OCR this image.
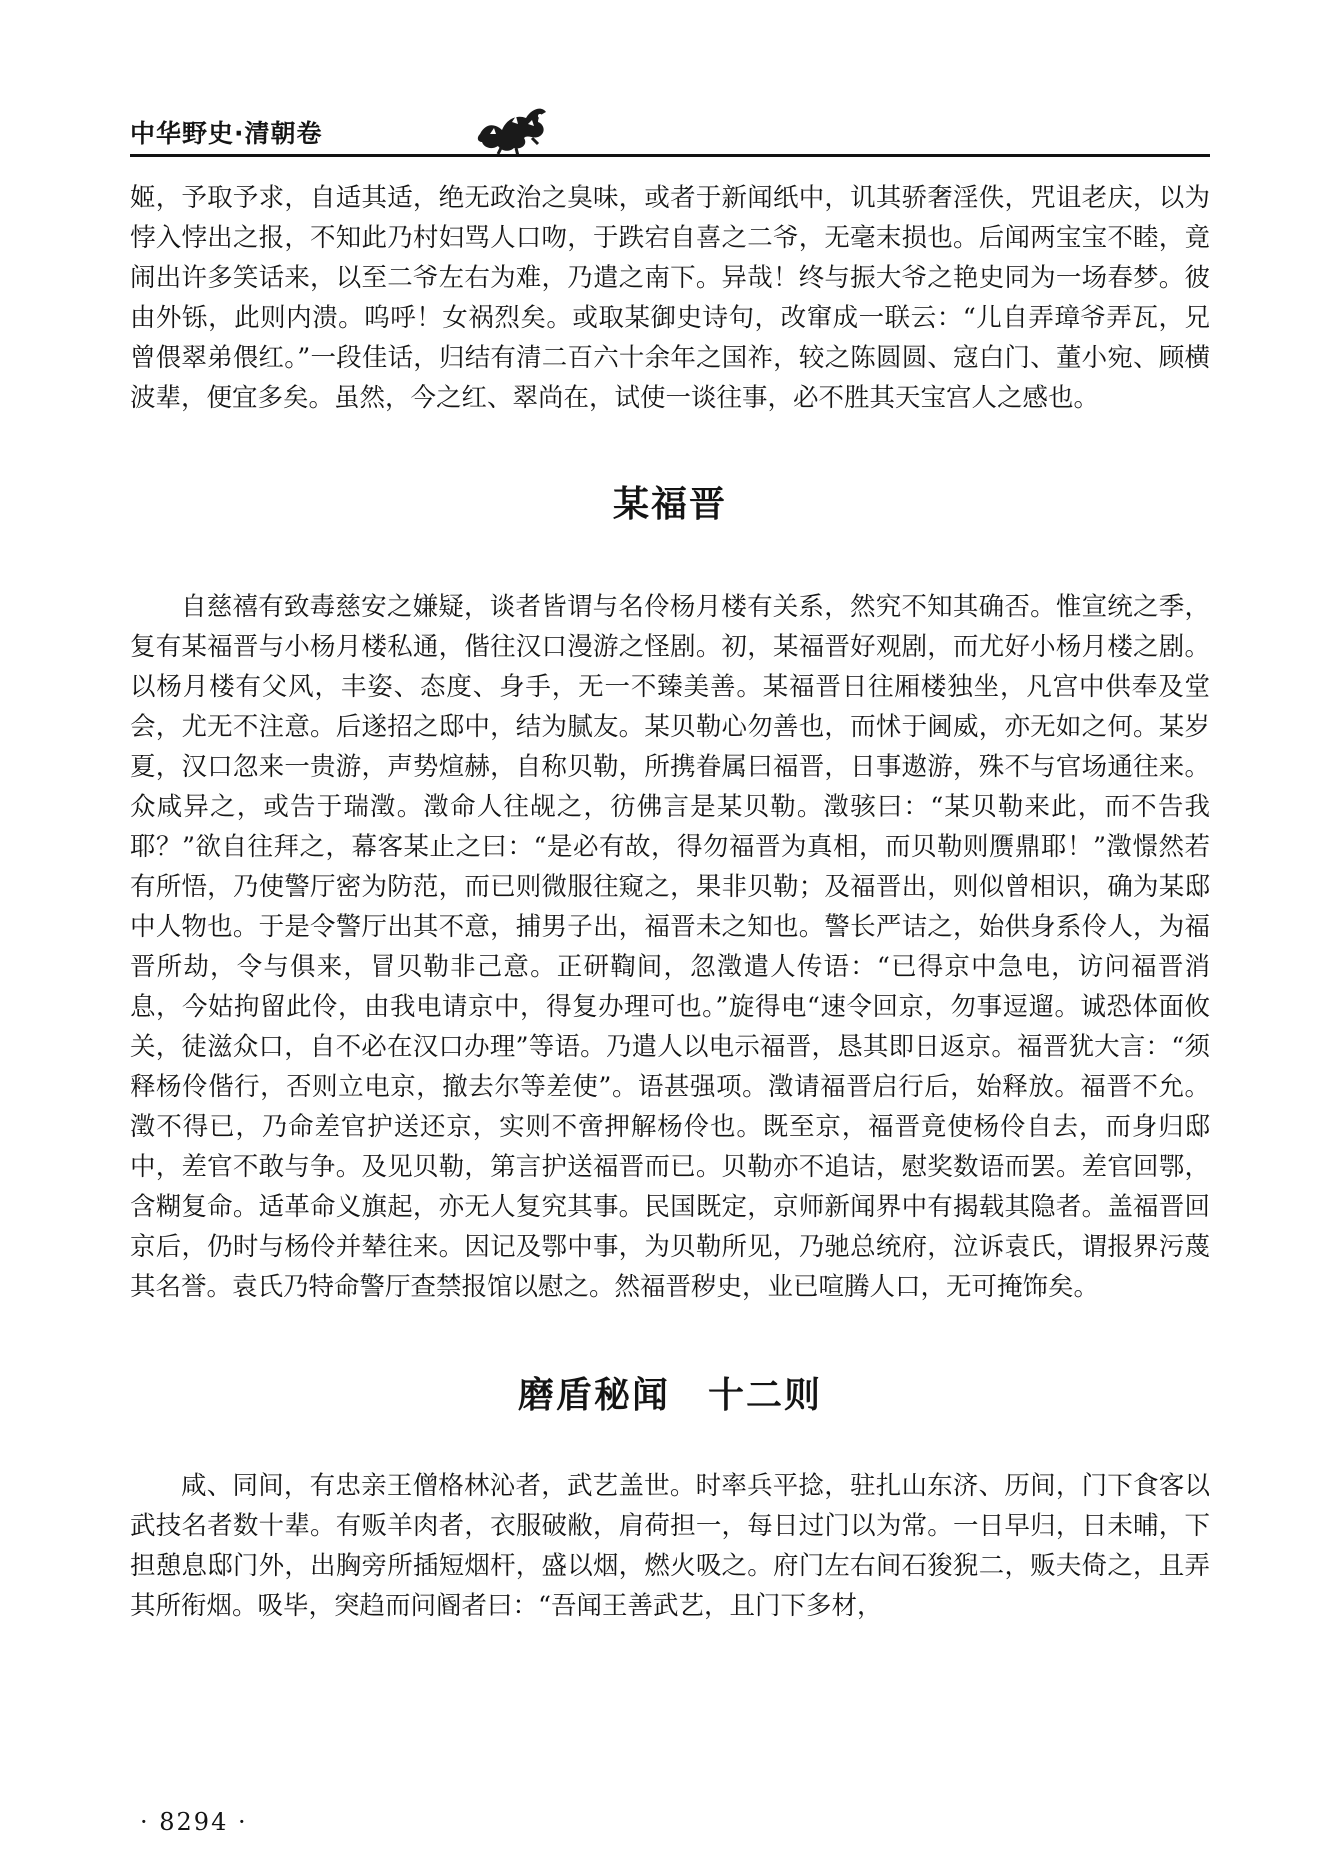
中华野史·清朝卷

姬，予取予求，自适其适，绝无政治之臭味，或者于新闻纸中，讥其骄奢淫佚，咒诅老庆，以为悖入悖出之报，不知此乃村妇骂人口吻，于跌宕自喜之二爷，无毫末损也。后闻两宝宝不睦，竟闹出许多笑话来，以至二爷左右为难，乃遣之南下。异哉！终与振大爷之艳史同为一场春梦。彼由外铄，此则内溃。呜呼！女祸烈矣。或取某御史诗句，改窜成一联云：“儿自弄璋爷弄瓦，兄曾偎翠弟偎红。”一段佳话，归结有清二百六十余年之国祚，较之陈圆圆、寇白门、董小宛、顾横波辈，便宜多矣。虽然，今之红、翠尚在，试使一谈往事，必不胜其天宝宫人之感也。

某福晋

自慈禧有致毒慈安之嫌疑，谈者皆谓与名伶杨月楼有关系，然究不知其确否。惟宣统之季，复有某福晋与小杨月楼私通，偕往汉口漫游之怪剧。初，某福晋好观剧，而尤好小杨月楼之剧。以杨月楼有父风，丰姿、态度、身手，无一不臻美善。某福晋日往厢楼独坐，凡宫中供奉及堂会，尤无不注意。后遂招之邸中，结为腻友。某贝勒心勿善也，而怵于阃威，亦无如之何。某岁夏，汉口忽来一贵游，声势煊赫，自称贝勒，所携眷属曰福晋，日事遨游，殊不与官场通往来。众咸异之，或告于瑞澂。澂命人往觇之，彷佛言是某贝勒。澂骇曰：“某贝勒来此，而不告我耶？”欲自往拜之，幕客某止之曰：“是必有故，得勿福晋为真相，而贝勒则赝鼎耶！”澂憬然若有所悟，乃使警厅密为防范，而已则微服往窥之，果非贝勒；及福晋出，则似曾相识，确为某邸中人物也。于是令警厅出其不意，捕男子出，福晋未之知也。警长严诘之，始供身系伶人，为福晋所劫，令与俱来，冒贝勒非己意。正研鞫间，忽澂遣人传语：“已得京中急电，访问福晋消息，今姑拘留此伶，由我电请京中，得复办理可也。”旋得电“速令回京，勿事逗遛。诚恐体面攸关，徒滋众口，自不必在汉口办理”等语。乃遣人以电示福晋，恳其即日返京。福晋犹大言：“须释杨伶偕行，否则立电京，撤去尔等差使”。语甚强项。澂请福晋启行后，始释放。福晋不允。澂不得已，乃命差官护送还京，实则不啻押解杨伶也。既至京，福晋竟使杨伶自去，而身归邸中，差官不敢与争。及见贝勒，第言护送福晋而已。贝勒亦不追诘，慰奖数语而罢。差官回鄂，含糊复命。适革命义旗起，亦无人复究其事。民国既定，京师新闻界中有揭载其隐者。盖福晋回京后，仍时与杨伶并辇往来。因记及鄂中事，为贝勒所见，乃驰总统府，泣诉袁氏，谓报界污蔑其名誉。袁氏乃特命警厅查禁报馆以慰之。然福晋秽史，业已喧腾人口，无可掩饰矣。

磨盾秘闻　十二则

咸、同间，有忠亲王僧格林沁者，武艺盖世。时率兵平捻，驻扎山东济、历间，门下食客以武技名者数十辈。有贩羊肉者，衣服破敝，肩荷担一，每日过门以为常。一日早归，日未晡，下担憩息邸门外，出胸旁所插短烟杆，盛以烟，燃火吸之。府门左右间石狻猊二，贩夫倚之，且弄其所衔烟。吸毕，突趋而问阍者曰：“吾闻王善武艺，且门下多材，

· 8294 ·
